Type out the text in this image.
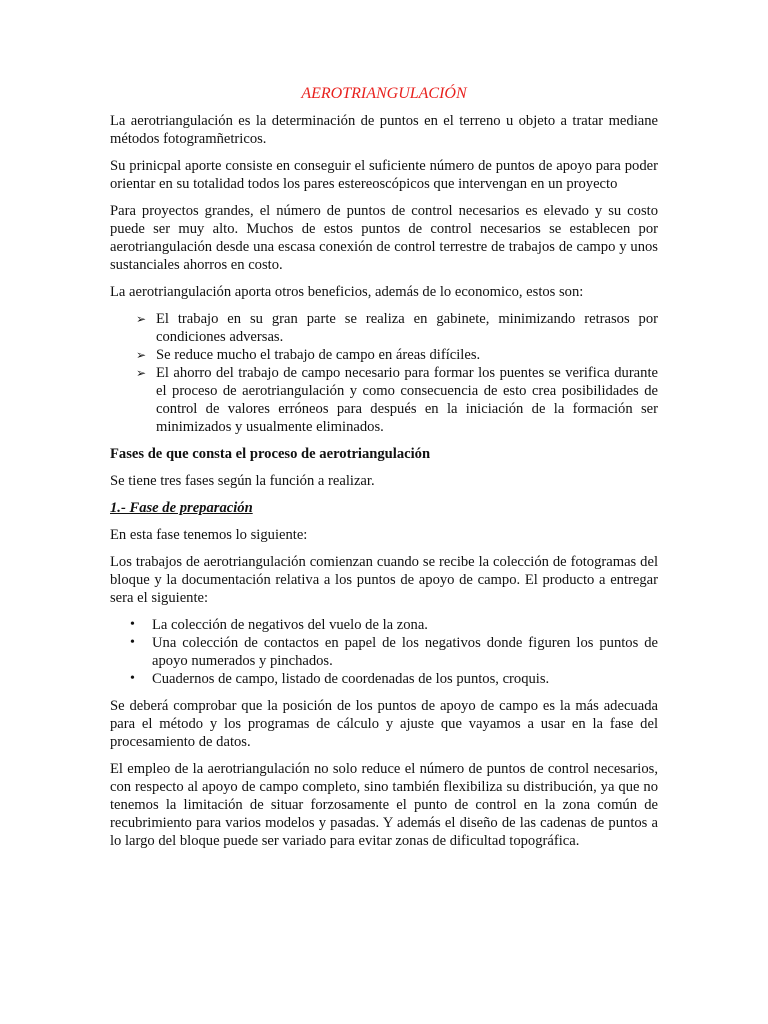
AEROTRIANGULACIÓN

La aerotriangulación es la determinación de puntos en el terreno u objeto a tratar mediane métodos fotogramñetricos.

Su prinicpal aporte consiste en conseguir el suficiente número de puntos de apoyo para poder orientar en su totalidad todos los pares estereoscópicos que intervengan en un proyecto

Para proyectos grandes, el número de puntos de control necesarios es elevado y su costo puede ser muy alto. Muchos de estos puntos de control necesarios se establecen por aerotriangulación desde una escasa conexión de control terrestre de trabajos de campo y unos sustanciales ahorros en costo.

La aerotriangulación aporta otros beneficios, además de lo economico, estos son:

➢ El trabajo en su gran parte se realiza en gabinete, minimizando retrasos por condiciones adversas.
➢ Se reduce mucho el trabajo de campo en áreas difíciles.
➢ El ahorro del trabajo de campo necesario para formar los puentes se verifica durante el proceso de aerotriangulación y como consecuencia de esto crea posibilidades de control de valores erróneos para después en la iniciación de la formación ser minimizados y usualmente eliminados.

Fases de que consta el proceso de aerotriangulación

Se tiene tres fases según la función a realizar.

1.- Fase de preparación

En esta fase tenemos lo siguiente:

Los trabajos de aerotriangulación comienzan cuando se recibe la colección de fotogramas del bloque y la documentación relativa a los puntos de apoyo de campo. El producto a entregar sera el siguiente:

• La colección de negativos del vuelo de la zona.
• Una colección de contactos en papel de los negativos donde figuren los puntos de apoyo numerados y pinchados.
• Cuadernos de campo, listado de coordenadas de los puntos, croquis.

Se deberá comprobar que la posición de los puntos de apoyo de campo es la más adecuada para el método y los programas de cálculo y ajuste que vayamos a usar en la fase del procesamiento de datos.

El empleo de la aerotriangulación no solo reduce el número de puntos de control necesarios, con respecto al apoyo de campo completo, sino también flexibiliza su distribución, ya que no tenemos la limitación de situar forzosamente el punto de control en la zona común de recubrimiento para varios modelos y pasadas. Y además el diseño de las cadenas de puntos a lo largo del bloque puede ser variado para evitar zonas de dificultad topográfica.
